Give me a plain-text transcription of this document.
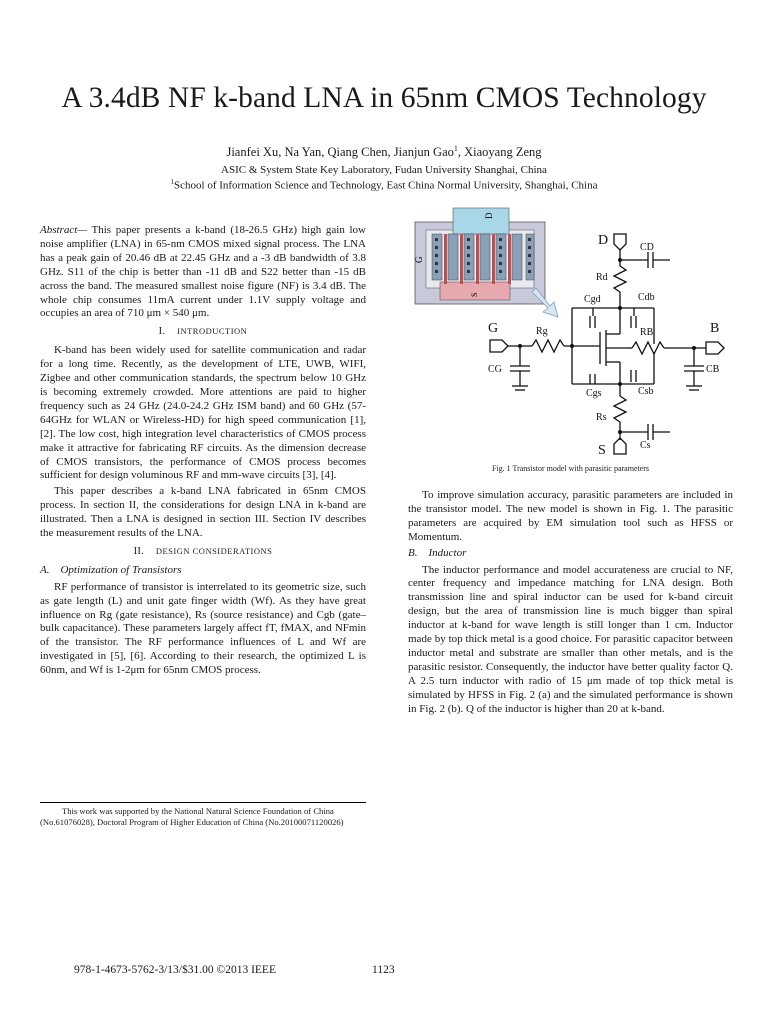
A 3.4dB NF k-band LNA in 65nm CMOS Technology
Jianfei Xu, Na Yan, Qiang Chen, Jianjun Gao$^1$, Xiaoyang Zeng
ASIC & System State Key Laboratory, Fudan University Shanghai, China
$^1$School of Information Science and Technology, East China Normal University, Shanghai, China

Abstract— This paper presents a k-band (18-26.5 GHz) high gain low noise amplifier (LNA) in 65-nm CMOS mixed signal process. The LNA has a peak gain of 20.46 dB at 22.45 GHz and a -3 dB bandwidth of 3.8 GHz. S11 of the chip is better than -11 dB and S22 better than -15 dB across the band. The measured smallest noise figure (NF) is 3.4 dB. The whole chip consumes 11mA current under 1.1V supply voltage and occupies an area of 710 μm × 540 μm.

I. INTRODUCTION

K-band has been widely used for satellite communication and radar for a long time. Recently, as the development of LTE, UWB, WIFI, Zigbee and other communication standards, the spectrum below 10 GHz is becoming extremely crowded. More attentions are paid to higher frequency such as 24 GHz (24.0-24.2 GHz ISM band) and 60 GHz (57-64GHz for WLAN or Wireless-HD) for high speed communication [1], [2]. The low cost, high integration level characteristics of CMOS process make it attractive for fabricating RF circuits. As the dimension decrease of CMOS transistors, the performance of CMOS process becomes sufficient for design voluminous RF and mm-wave circuits [3], [4].

This paper describes a k-band LNA fabricated in 65nm CMOS process. In section II, the considerations for design LNA in k-band are illustrated. Then a LNA is designed in section III. Section IV describes the measurement results of the LNA.

II. DESIGN CONSIDERATIONS
A. Optimization of Transistors

RF performance of transistor is interrelated to its geometric size, such as gate length (L) and unit gate finger width (Wf). As they have great influence on Rg (gate resistance), Rs (source resistance) and Cgb (gate–bulk capacitance). These parameters largely affect fT, fMAX, and NFmin of the transistor. The RF performance influences of L and Wf are investigated in [5], [6]. According to their research, the optimized L is 60nm, and Wf is 1-2μm for 65nm CMOS process.

This work was supported by the National Natural Science Foundation of China (No.61076028), Doctoral Program of Higher Education of China (No.20100071120026)
G
D
S
D	CD
Rd
Cgd	Cdb
G	Rg	RB	B
CG	CB
Cgs	Csb
Rs
Cs
S
Fig. 1 Transistor model with parasitic parameters

To improve simulation accuracy, parasitic parameters are included in the transistor model. The new model is shown in Fig. 1. The parasitic parameters are acquired by EM simulation tool such as HFSS or Momentum.

B. Inductor

The inductor performance and model accurateness are crucial to NF, center frequency and impedance matching for LNA design. Both transmission line and spiral inductor can be used for k-band circuit design, but the area of transmission line is much bigger than spiral inductor at k-band for wave length is still longer than 1 cm. Inductor made by top thick metal is a good choice. For parasitic capacitor between inductor metal and substrate are smaller than other metals, and is the parasitic resistor. Consequently, the inductor have better quality factor Q. A 2.5 turn inductor with radio of 15 μm made of top thick metal is simulated by HFSS in Fig. 2 (a) and the simulated performance is shown in Fig. 2 (b). Q of the inductor is higher than 20 at k-band.

978-1-4673-5762-3/13/$31.00 ©2013 IEEE	1123
